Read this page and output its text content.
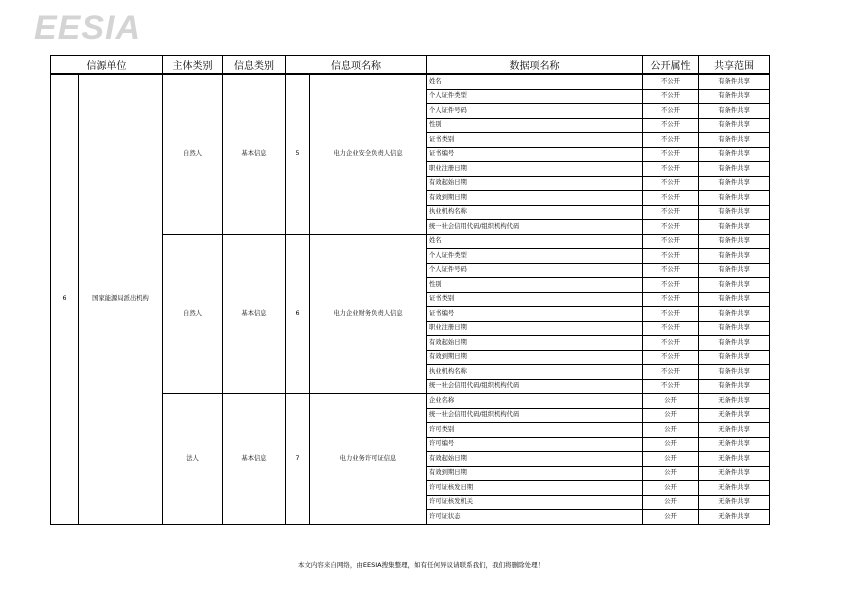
EESIA
信源单位		主体类别	信息类别	信息项名称		数据项名称	公开属性	共享范围
6	国家能源局派出机构	自然人	基本信息	5	电力企业安全负责人信息	姓名	不公开	有条件共享
						个人证件类型	不公开	有条件共享
						个人证件号码	不公开	有条件共享
						性别	不公开	有条件共享
						证书类别	不公开	有条件共享
						证书编号	不公开	有条件共享
						职业注册日期	不公开	有条件共享
						有效起始日期	不公开	有条件共享
						有效到期日期	不公开	有条件共享
						执业机构名称	不公开	有条件共享
						统一社会信用代码/组织机构代码	不公开	有条件共享
		自然人	基本信息	6	电力企业财务负责人信息	姓名	不公开	有条件共享
						个人证件类型	不公开	有条件共享
						个人证件号码	不公开	有条件共享
						性别	不公开	有条件共享
						证书类别	不公开	有条件共享
						证书编号	不公开	有条件共享
						职业注册日期	不公开	有条件共享
						有效起始日期	不公开	有条件共享
						有效到期日期	不公开	有条件共享
						执业机构名称	不公开	有条件共享
						统一社会信用代码/组织机构代码	不公开	有条件共享
		法人	基本信息	7	电力业务许可证信息	企业名称	公开	无条件共享
						统一社会信用代码/组织机构代码	公开	无条件共享
						许可类别	公开	无条件共享
						许可编号	公开	无条件共享
						有效起始日期	公开	无条件共享
						有效到期日期	公开	无条件共享
						许可证核发日期	公开	无条件共享
						许可证核发机关	公开	无条件共享
						许可证状态	公开	无条件共享
本文内容来自网络，由EESIA搜集整理，如有任何异议请联系我们，我们将删除处理！
